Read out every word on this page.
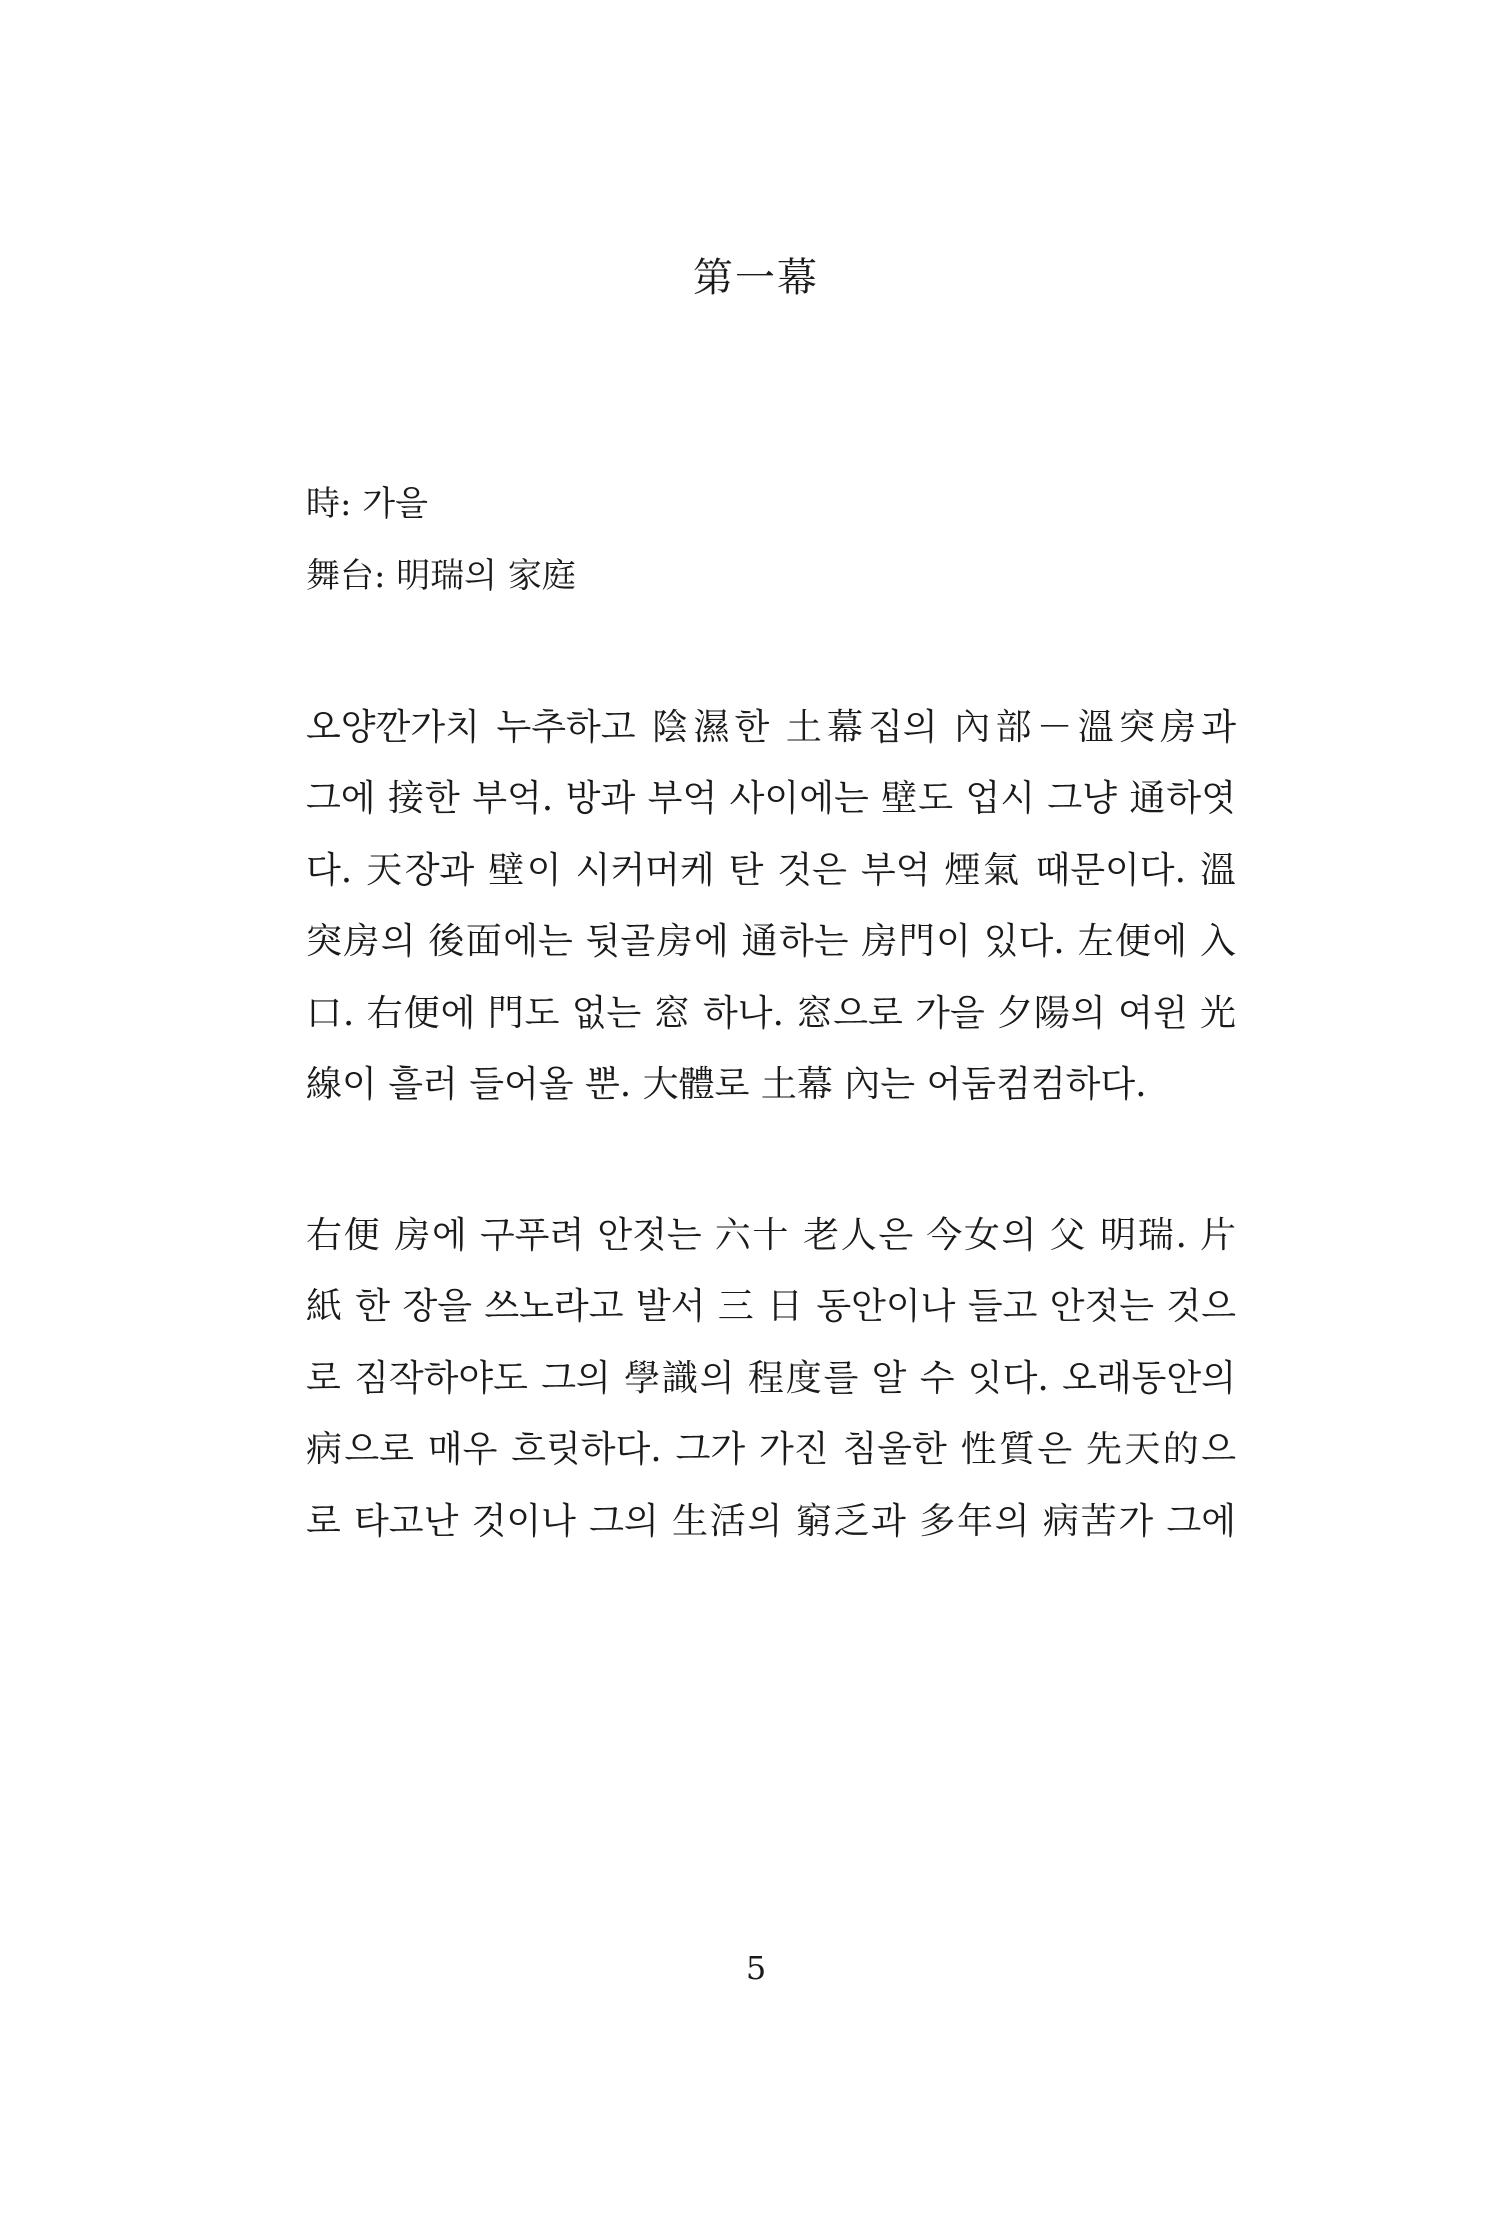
第一幕

時: 가을

舞台: 明瑞의 家庭

오양깐가치 누추하고 陰濕한 土幕집의 內部－溫突房과
그에 接한 부억. 방과 부억 사이에는 壁도 업시 그냥 通하엿
다. 天장과 壁이 시커머케 탄 것은 부억 煙氣 때문이다. 溫
突房의 後面에는 뒷골房에 通하는 房門이 있다. 左便에 入
口. 右便에 門도 없는 窓 하나. 窓으로 가을 夕陽의 여윈 光
線이 흘러 들어올 뿐. 大體로 土幕 內는 어둠컴컴하다.
右便 房에 구푸려 안젓는 六十 老人은 今女의 父 明瑞. 片
紙 한 장을 쓰노라고 발서 三 日 동안이나 들고 안젓는 것으
로 짐작하야도 그의 學識의 程度를 알 수 잇다. 오래동안의
病으로 매우 흐릿하다. 그가 가진 침울한 性質은 先天的으
로 타고난 것이나 그의 生活의 窮乏과 多年의 病苦가 그에
5
